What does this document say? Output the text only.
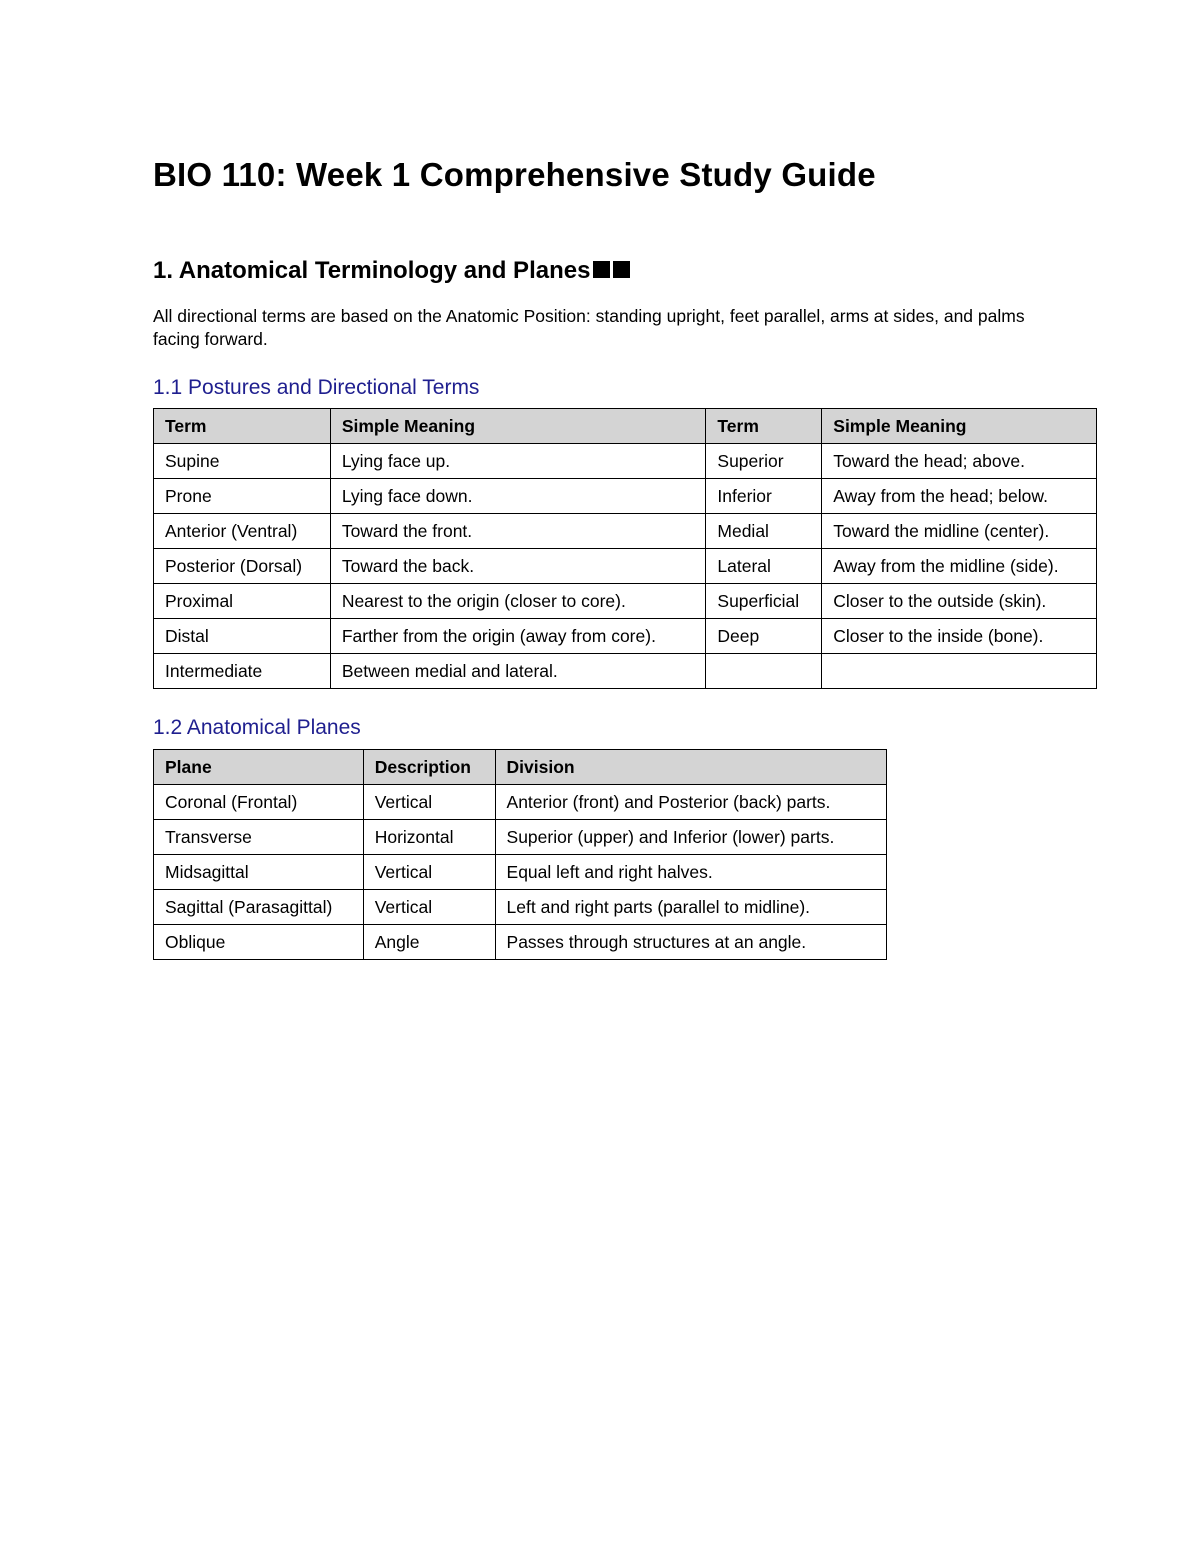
BIO 110: Week 1 Comprehensive Study Guide
1. Anatomical Terminology and Planes

All directional terms are based on the Anatomic Position: standing upright, feet parallel, arms at sides, and palms facing forward.

1.1 Postures and Directional Terms
Term	Simple Meaning	Term	Simple Meaning
Supine	Lying face up.	Superior	Toward the head; above.
Prone	Lying face down.	Inferior	Away from the head; below.
Anterior (Ventral)	Toward the front.	Medial	Toward the midline (center).
Posterior (Dorsal)	Toward the back.	Lateral	Away from the midline (side).
Proximal	Nearest to the origin (closer to core).	Superficial	Closer to the outside (skin).
Distal	Farther from the origin (away from core).	Deep	Closer to the inside (bone).
Intermediate	Between medial and lateral.		
1.2 Anatomical Planes
Plane	Description	Division
Coronal (Frontal)	Vertical	Anterior (front) and Posterior (back) parts.
Transverse	Horizontal	Superior (upper) and Inferior (lower) parts.
Midsagittal	Vertical	Equal left and right halves.
Sagittal (Parasagittal)	Vertical	Left and right parts (parallel to midline).
Oblique	Angle	Passes through structures at an angle.
